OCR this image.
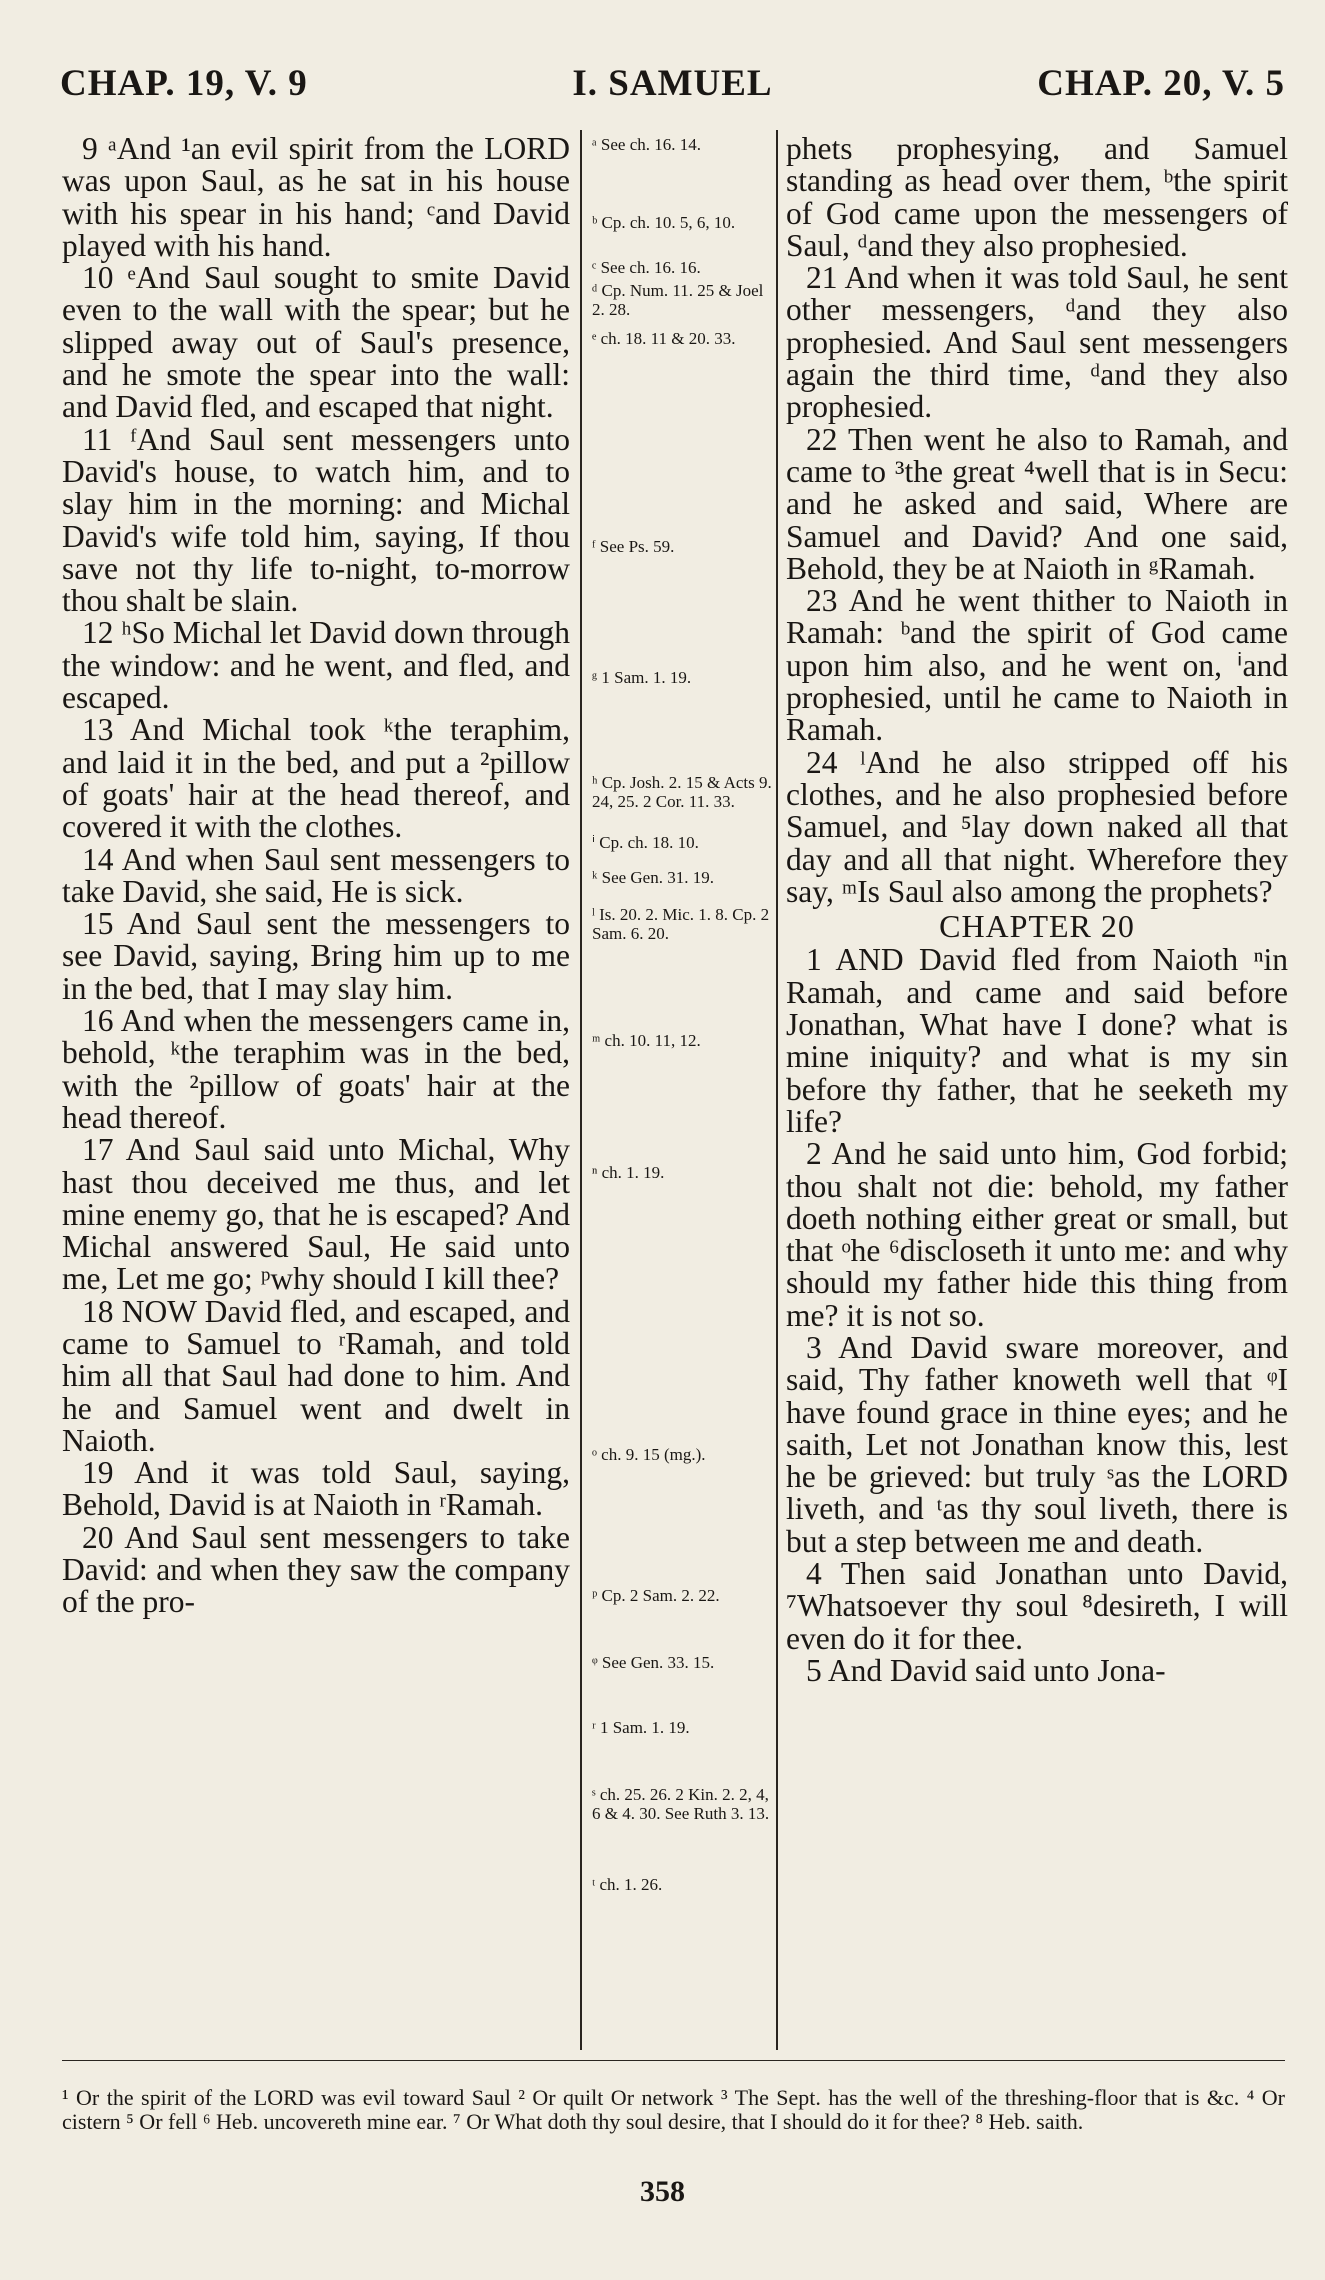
CHAP. 19, V. 9	I. SAMUEL	CHAP. 20, V. 5

9 ᵃAnd ¹an evil spirit from the LORD was upon Saul, as he sat in his house with his spear in his hand; ᶜand David played with his hand.

10 ᵉAnd Saul sought to smite David even to the wall with the spear; but he slipped away out of Saul's presence, and he smote the spear into the wall: and David fled, and escaped that night.

11 ᶠAnd Saul sent messengers unto David's house, to watch him, and to slay him in the morning: and Michal David's wife told him, saying, If thou save not thy life to-night, to-morrow thou shalt be slain.

12 ʰSo Michal let David down through the window: and he went, and fled, and escaped.

13 And Michal took ᵏthe teraphim, and laid it in the bed, and put a ²pillow of goats' hair at the head thereof, and covered it with the clothes.

14 And when Saul sent messengers to take David, she said, He is sick.

15 And Saul sent the messengers to see David, saying, Bring him up to me in the bed, that I may slay him.

16 And when the messengers came in, behold, ᵏthe teraphim was in the bed, with the ²pillow of goats' hair at the head thereof.

17 And Saul said unto Michal, Why hast thou deceived me thus, and let mine enemy go, that he is escaped? And Michal answered Saul, He said unto me, Let me go; ᵖwhy should I kill thee?

18 NOW David fled, and escaped, and came to Samuel to ʳRamah, and told him all that Saul had done to him. And he and Samuel went and dwelt in Naioth.

19 And it was told Saul, saying, Behold, David is at Naioth in ʳRamah.

20 And Saul sent messengers to take David: and when they saw the company of the pro-

ᵃ See ch. 16. 14.
ᵇ Cp. ch. 10. 5, 6, 10.
ᶜ See ch. 16. 16.
ᵈ Cp. Num. 11. 25 & Joel 2. 28.
ᵉ ch. 18. 11 & 20. 33.
ᶠ See Ps. 59.
ᵍ 1 Sam. 1. 19.
ʰ Cp. Josh. 2. 15 & Acts 9. 24, 25. 2 Cor. 11. 33.
ⁱ Cp. ch. 18. 10.
ᵏ See Gen. 31. 19.
ˡ Is. 20. 2. Mic. 1. 8. Cp. 2 Sam. 6. 20.
ᵐ ch. 10. 11, 12.
ⁿ ch. 1. 19.
ᵒ ch. 9. 15 (mg.).
ᵖ Cp. 2 Sam. 2. 22.
ᵠ See Gen. 33. 15.
ʳ 1 Sam. 1. 19.
ˢ ch. 25. 26. 2 Kin. 2. 2, 4, 6 & 4. 30. See Ruth 3. 13.
ᵗ ch. 1. 26.

phets prophesying, and Samuel standing as head over them, ᵇthe spirit of God came upon the messengers of Saul, ᵈand they also prophesied.

21 And when it was told Saul, he sent other messengers, ᵈand they also prophesied. And Saul sent messengers again the third time, ᵈand they also prophesied.

22 Then went he also to Ramah, and came to ³the great ⁴well that is in Secu: and he asked and said, Where are Samuel and David? And one said, Behold, they be at Naioth in ᵍRamah.

23 And he went thither to Naioth in Ramah: ᵇand the spirit of God came upon him also, and he went on, ⁱand prophesied, until he came to Naioth in Ramah.

24 ˡAnd he also stripped off his clothes, and he also prophesied before Samuel, and ⁵lay down naked all that day and all that night. Wherefore they say, ᵐIs Saul also among the prophets?

CHAPTER 20

1 AND David fled from Naioth ⁿin Ramah, and came and said before Jonathan, What have I done? what is mine iniquity? and what is my sin before thy father, that he seeketh my life?

2 And he said unto him, God forbid; thou shalt not die: behold, my father doeth nothing either great or small, but that ᵒhe ⁶discloseth it unto me: and why should my father hide this thing from me? it is not so.

3 And David sware moreover, and said, Thy father knoweth well that ᵠI have found grace in thine eyes; and he saith, Let not Jonathan know this, lest he be grieved: but truly ˢas the LORD liveth, and ᵗas thy soul liveth, there is but a step between me and death.

4 Then said Jonathan unto David, ⁷Whatsoever thy soul ⁸desireth, I will even do it for thee.

5 And David said unto Jona-

¹ Or the spirit of the LORD was evil toward Saul ² Or quilt Or network ³ The Sept. has the well of the threshing-floor that is &c. ⁴ Or cistern ⁵ Or fell ⁶ Heb. uncovereth mine ear. ⁷ Or What doth thy soul desire, that I should do it for thee? ⁸ Heb. saith.
358
